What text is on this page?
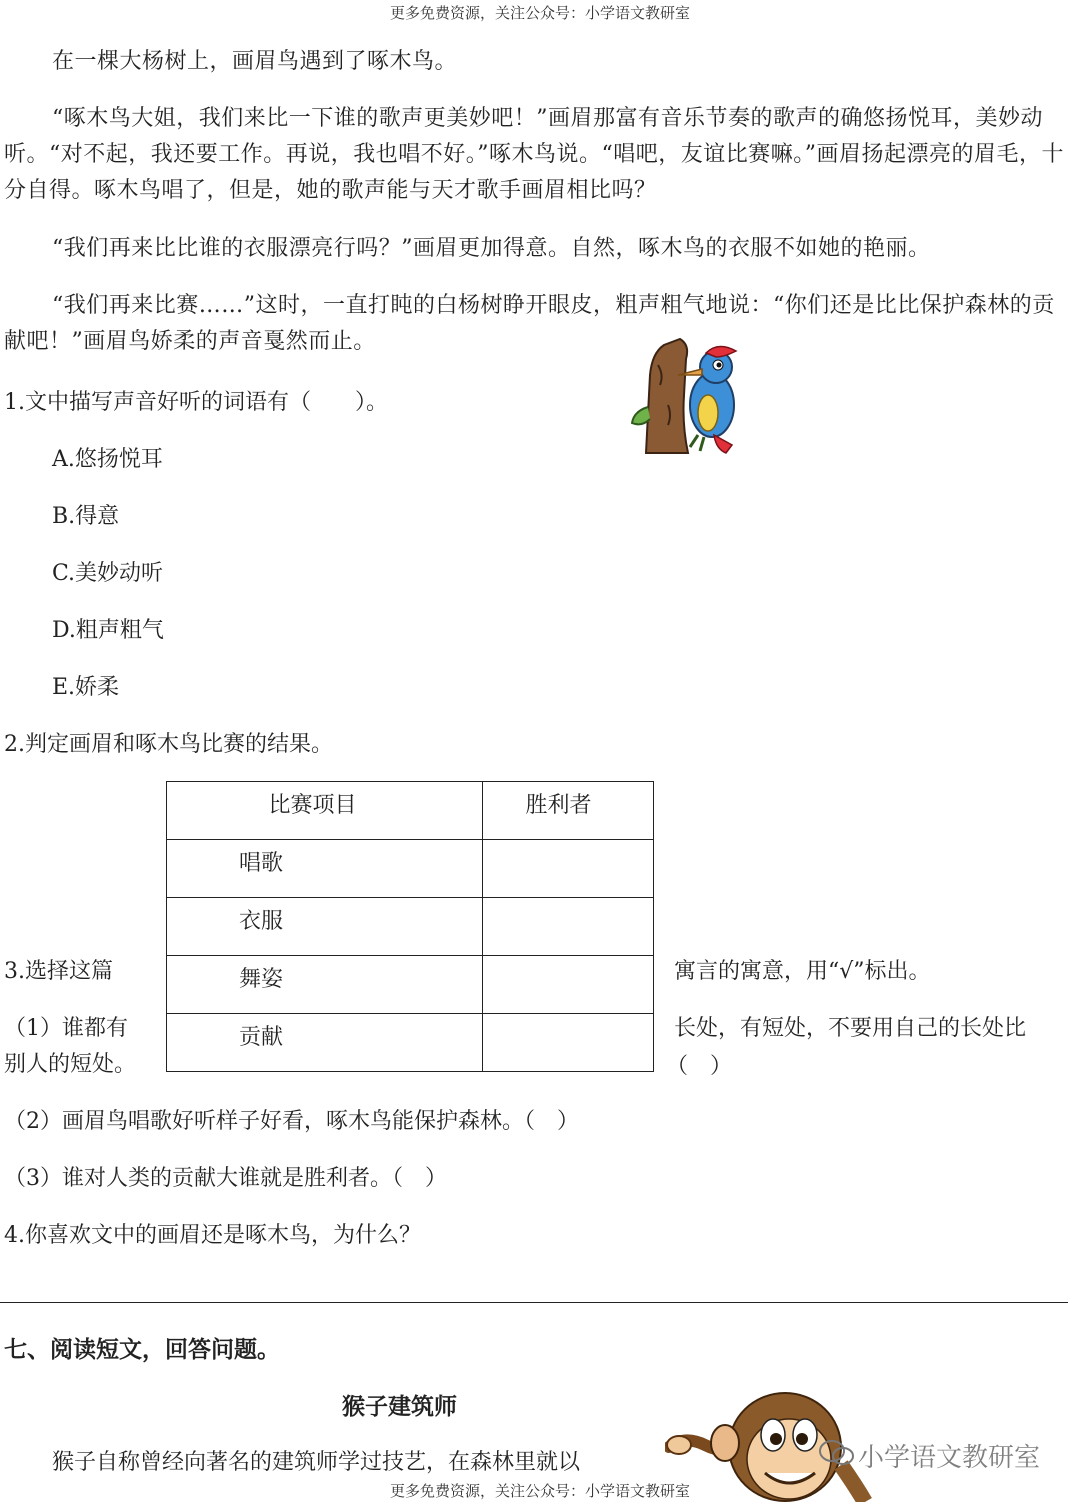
更多免费资源，关注公众号：小学语文教研室
在一棵大杨树上，画眉鸟遇到了啄木鸟。
“啄木鸟大姐，我们来比一下谁的歌声更美妙吧！”画眉那富有音乐节奏的歌声的确悠扬悦耳，美妙动听。“对不起，我还要工作。再说，我也唱不好。”啄木鸟说。“唱吧，友谊比赛嘛。”画眉扬起漂亮的眉毛，十分自得。啄木鸟唱了，但是，她的歌声能与天才歌手画眉相比吗？
“我们再来比比谁的衣服漂亮行吗？”画眉更加得意。自然，啄木鸟的衣服不如她的艳丽。
“我们再来比赛……”这时，一直打盹的白杨树睁开眼皮，粗声粗气地说：“你们还是比比保护森林的贡献吧！”画眉鸟娇柔的声音戛然而止。
1.文中描写声音好听的词语有（　　）。
A.悠扬悦耳
B.得意
C.美妙动听
D.粗声粗气
E.娇柔
2.判定画眉和啄木鸟比赛的结果。
3.选择这篇	寓言的寓意，用“√”标出。
（1）谁都有	长处，有短处，不要用自己的长处比
别人的短处。	（　）
比赛项目	胜利者
唱歌	
衣服	
舞姿	
贡献	
（2）画眉鸟唱歌好听样子好看，啄木鸟能保护森林。（　）
（3）谁对人类的贡献大谁就是胜利者。（　）
4.你喜欢文中的画眉还是啄木鸟，为什么？
七、阅读短文，回答问题。
猴子建筑师
猴子自称曾经向著名的建筑师学过技艺，在森林里就以	小学语文教研室
更多免费资源，关注公众号：小学语文教研室
